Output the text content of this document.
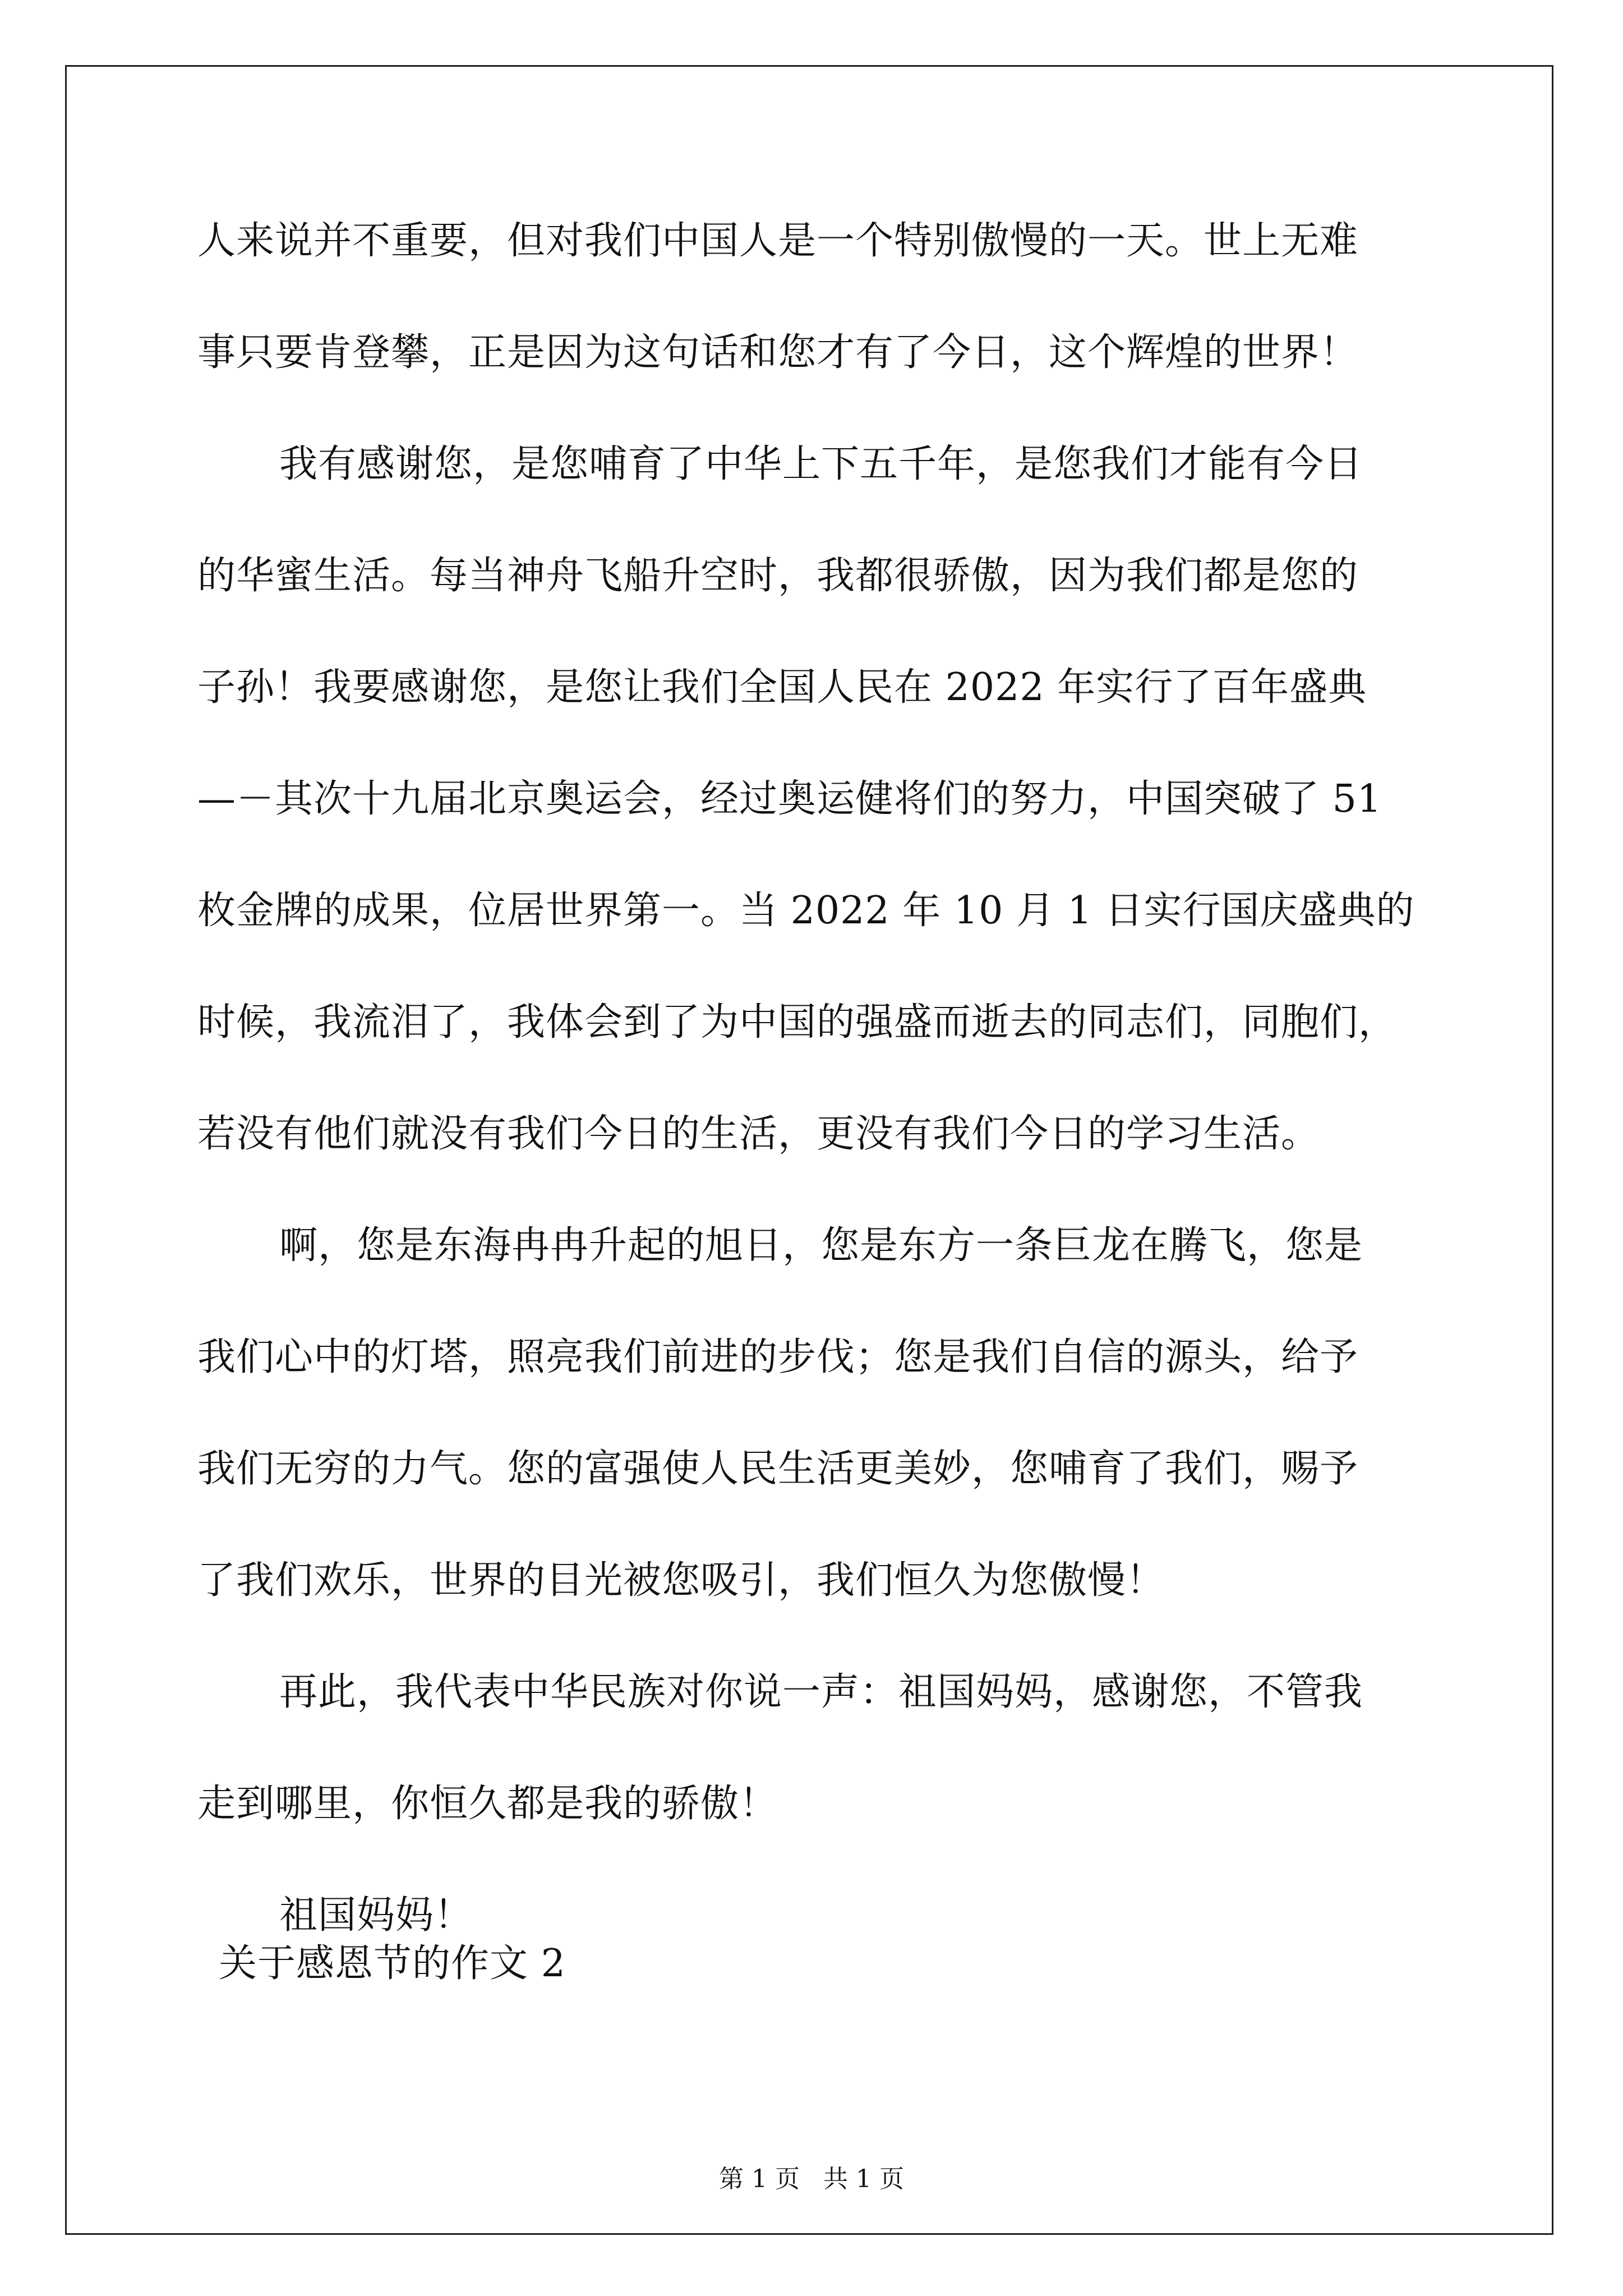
人来说并不重要，但对我们中国人是一个特别傲慢的一天。世上无难
事只要肯登攀，正是因为这句话和您才有了今日，这个辉煌的世界！
我有感谢您，是您哺育了中华上下五千年，是您我们才能有今日
的华蜜生活。每当神舟飞船升空时，我都很骄傲，因为我们都是您的
子孙！我要感谢您，是您让我们全国人民在 2022 年实行了百年盛典
—－其次十九届北京奥运会，经过奥运健将们的努力，中国突破了 51
枚金牌的成果，位居世界第一。当 2022 年 10 月 1 日实行国庆盛典的
时候，我流泪了，我体会到了为中国的强盛而逝去的同志们，同胞们，
若没有他们就没有我们今日的生活，更没有我们今日的学习生活。
啊，您是东海冉冉升起的旭日，您是东方一条巨龙在腾飞，您是
我们心中的灯塔，照亮我们前进的步伐；您是我们自信的源头，给予
我们无穷的力气。您的富强使人民生活更美妙，您哺育了我们，赐予
了我们欢乐，世界的目光被您吸引，我们恒久为您傲慢！
再此，我代表中华民族对你说一声：祖国妈妈，感谢您，不管我
走到哪里，你恒久都是我的骄傲！
祖国妈妈！
关于感恩节的作文 2
第 1 页   共 1 页
